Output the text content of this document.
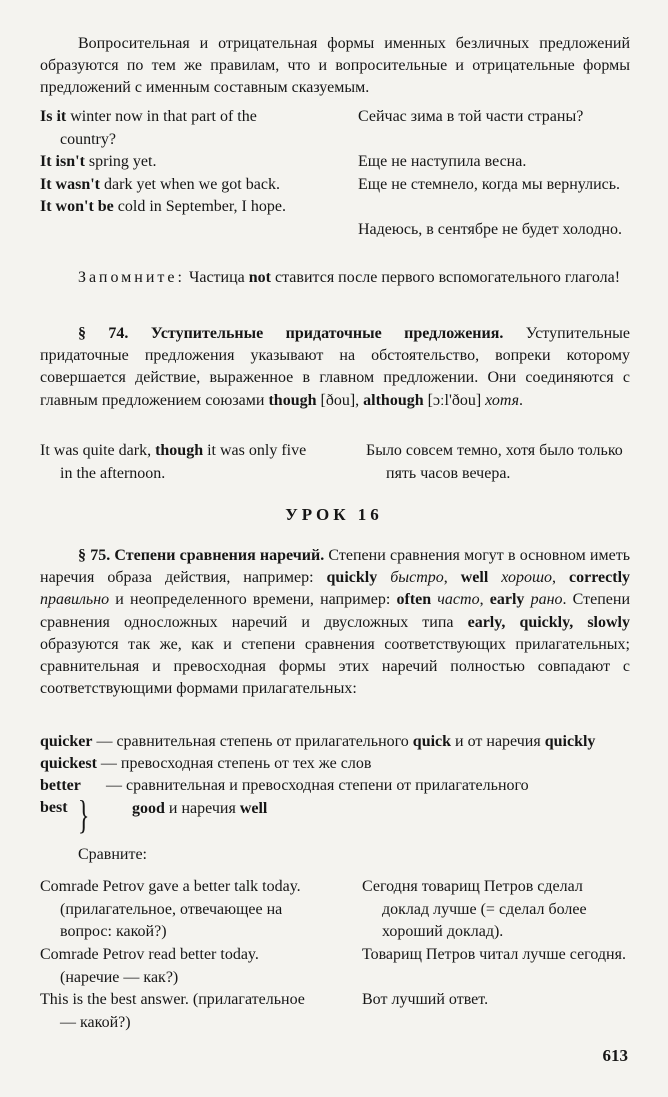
Вопросительная и отрицательная формы именных безличных предложений образуются по тем же правилам, что и вопросительные и отрицательные формы предложений с именным составным сказуемым.

Is it winter now in that part of the country?

It isn't spring yet.

It wasn't dark yet when we got back.

It won't be cold in September, I hope.

Сейчас зима в той части страны?

Еще не наступила весна.

Еще не стемнело, когда мы вернулись.

Надеюсь, в сентябре не будет холодно.

Запомните: Частица not ставится после первого вспомогательного глагола!

§ 74. Уступительные придаточные предложения. Уступительные придаточные предложения указывают на обстоятельство, вопреки которому совершается действие, выраженное в главном предложении. Они соединяются с главным предложением союзами though [ðou], although [ɔːl'ðou] хотя.

It was quite dark, though it was only five in the afternoon.

Было совсем темно, хотя было только пять часов вечера.

УРОК 16

§ 75. Степени сравнения наречий. Степени сравнения могут в основном иметь наречия образа действия, например: quickly быстро, well хорошо, correctly правильно и неопределенного времени, например: often часто, early рано. Степени сравнения односложных наречий и двусложных типа early, quickly, slowly образуются так же, как и степени сравнения соответствующих прилагательных; сравнительная и превосходная формы этих наречий полностью совпадают с соответствующими формами прилагательных:

quicker — сравнительная степень от прилагательного quick и от наречия quickly

quickest — превосходная степень от тех же слов

better
best
— сравнительная и превосходная степени от прилагательного
good и наречия well
}
Сравните:

Comrade Petrov gave a better talk today. (прилагательное, отвечающее на вопрос: какой?)

Comrade Petrov read better today. (наречие — как?)

This is the best answer. (прилагательное — какой?)

Сегодня товарищ Петров сделал доклад лучше (= сделал более хороший доклад).

Товарищ Петров читал лучше сегодня.

Вот лучший ответ.

613
